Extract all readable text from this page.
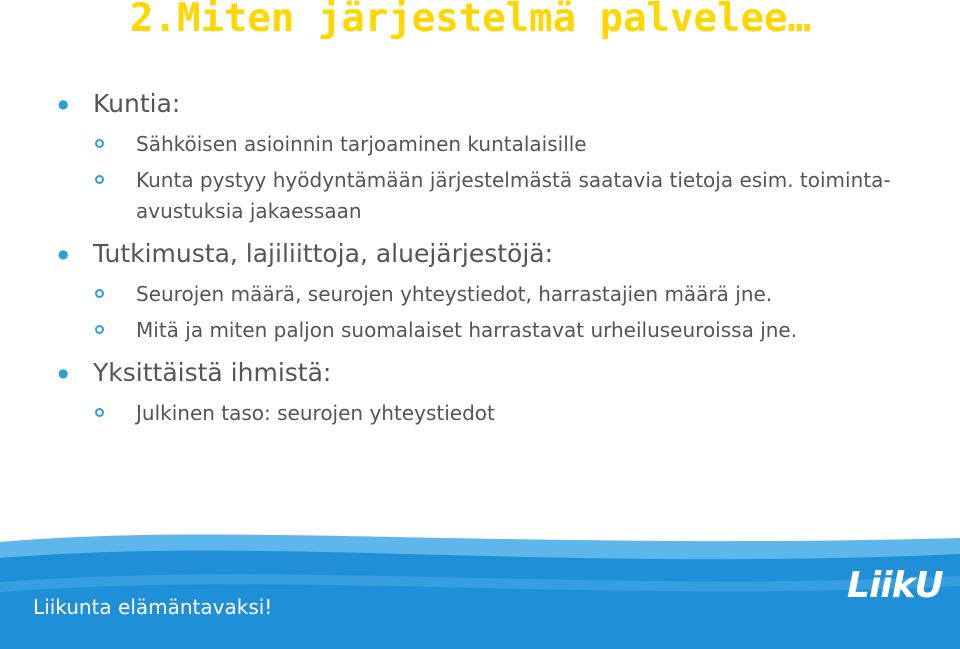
2.Miten järjestelmä palvelee…

● Kuntia:

Sähköisen asioinnin tarjoaminen kuntalaisille

Kunta pystyy hyödyntämään järjestelmästä saatavia tietoja esim. toiminta-avustuksia jakaessaan

● Tutkimusta, lajiliittoja, aluejärjestöjä:

Seurojen määrä, seurojen yhteystiedot, harrastajien määrä jne.

Mitä ja miten paljon suomalaiset harrastavat urheiluseuroissa jne.

● Yksittäistä ihmistä:

Julkinen taso: seurojen yhteystiedot

Liikunta elämäntavaksi!

LiikU
